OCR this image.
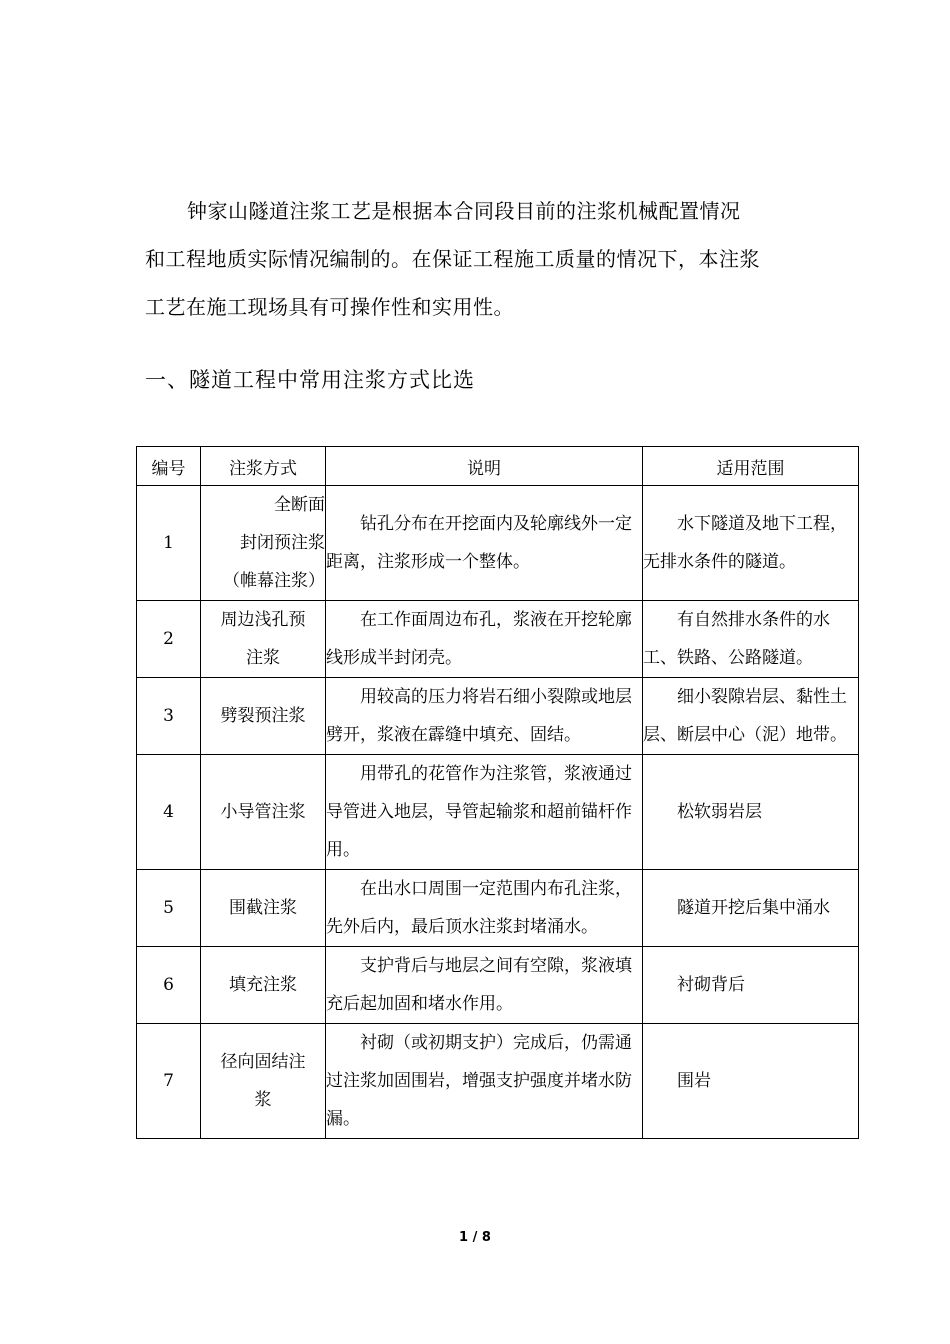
钟家山隧道注浆工艺是根据本合同段目前的注浆机械配置情况
和工程地质实际情况编制的。在保证工程施工质量的情况下，本注浆
工艺在施工现场具有可操作性和实用性。

一、隧道工程中常用注浆方式比选
编号	注浆方式	说明	适用范围
1	全断面
封闭预注浆
（帷幕注浆）	钻孔分布在开挖面内及轮廓线外一定距离，注浆形成一个整体。	水下隧道及地下工程，无排水条件的隧道。
2	周边浅孔预
注浆	在工作面周边布孔，浆液在开挖轮廓线形成半封闭壳。	有自然排水条件的水工、铁路、公路隧道。
3	劈裂预注浆	用较高的压力将岩石细小裂隙或地层劈开，浆液在霹缝中填充、固结。	细小裂隙岩层、黏性土层、断层中心（泥）地带。
4	小导管注浆	用带孔的花管作为注浆管，浆液通过导管进入地层，导管起输浆和超前锚杆作用。	松软弱岩层
5	围截注浆	在出水口周围一定范围内布孔注浆，先外后内，最后顶水注浆封堵涌水。	隧道开挖后集中涌水
6	填充注浆	支护背后与地层之间有空隙，浆液填充后起加固和堵水作用。	衬砌背后
7	径向固结注
浆	衬砌（或初期支护）完成后，仍需通过注浆加固围岩，增强支护强度并堵水防漏。	围岩
1 / 8
